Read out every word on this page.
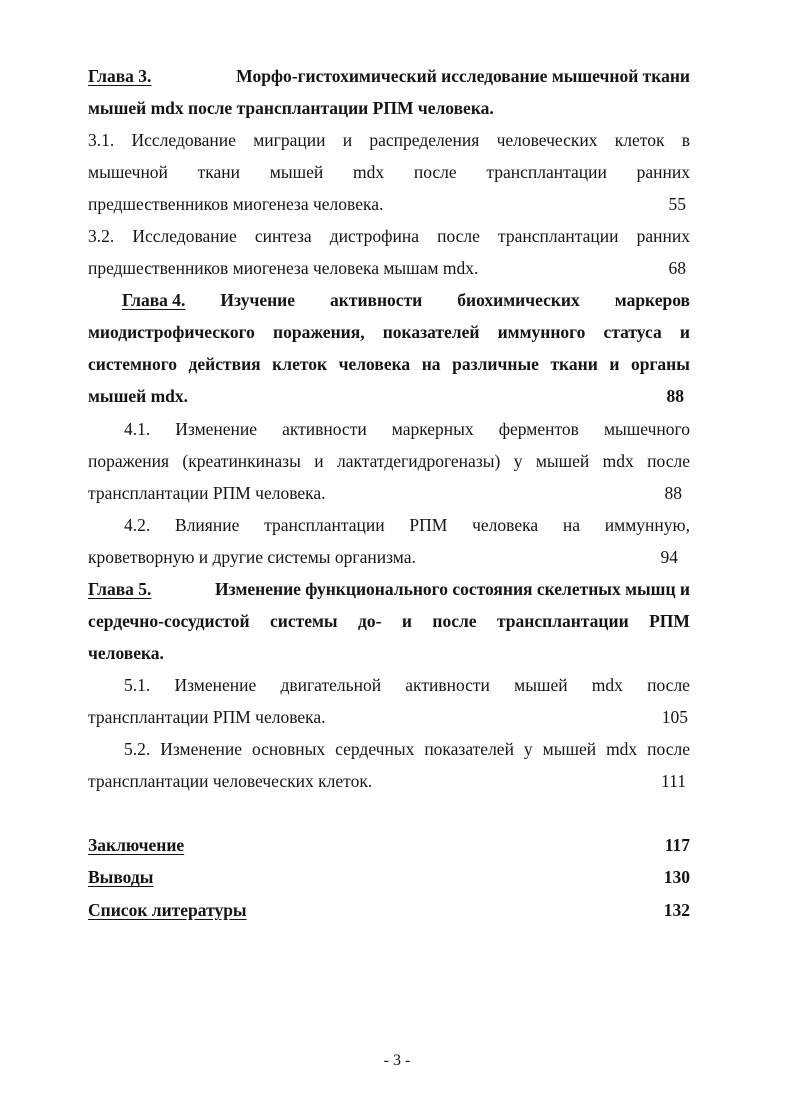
Глава 3.	Морфо-гистохимический исследование мышечной ткани
мышей mdx после трансплантации РПМ человека.
3.1. Исследование миграции и распределения человеческих клеток в
мышечной ткани мышей mdx после трансплантации ранних
предшественников миогенеза человека.	55
3.2. Исследование синтеза дистрофина после трансплантации ранних
предшественников миогенеза человека мышам mdx.	68
Глава 4. Изучение активности биохимических маркеров
миодистрофического поражения, показателей иммунного статуса и
системного действия клеток человека на различные ткани и органы
мышей mdx.	88
4.1. Изменение активности маркерных ферментов мышечного
поражения (креатинкиназы и лактатдегидрогеназы) у мышей mdx после
трансплантации РПМ человека.	88
4.2. Влияние трансплантации РПМ человека на иммунную,
кроветворную и другие системы организма.	94
Глава 5.	Изменение функционального состояния скелетных мышц и
сердечно-сосудистой системы до- и после трансплантации РПМ
человека.
5.1. Изменение двигательной активности мышей mdx после
трансплантации РПМ человека.	105
5.2. Изменение основных сердечных показателей у мышей mdx после
трансплантации человеческих клеток.	111
Заключение	117
Выводы	130
Список литературы	132
- 3 -
